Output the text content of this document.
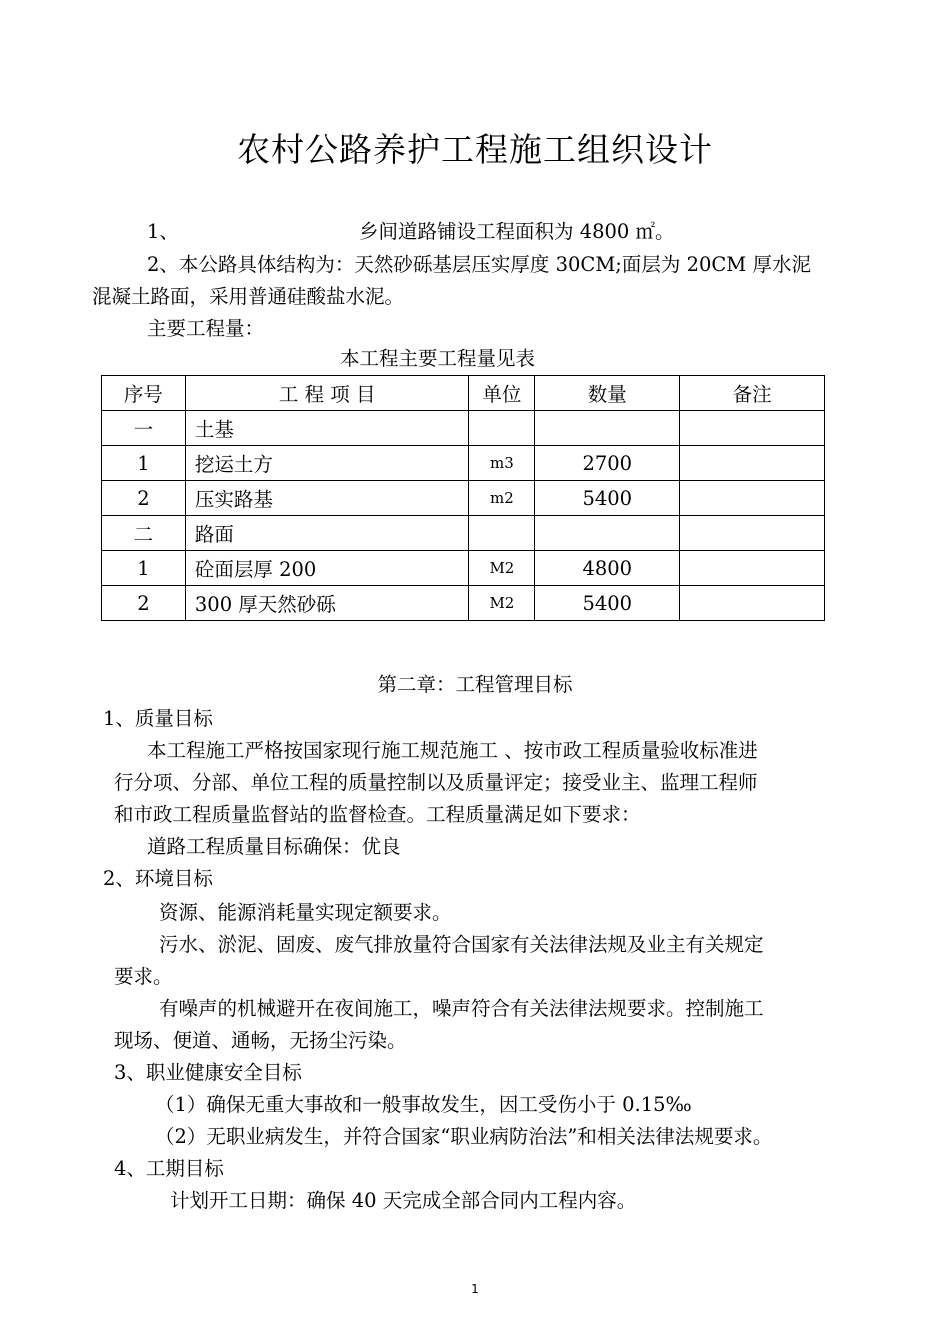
农村公路养护工程施工组织设计
1、	乡间道路铺设工程面积为 4800 ㎡。
2、本公路具体结构为：天然砂砾基层压实厚度 30CM;面层为 20CM 厚水泥
混凝土路面，采用普通硅酸盐水泥。
主要工程量：
本工程主要工程量见表
序号	工 程 项 目	单位	数量	备注
一	土基			
1	挖运土方	m3	2700	
2	压实路基	m2	5400	
二	路面			
1	砼面层厚 200	M2	4800	
2	300 厚天然砂砾	M2	5400	
第二章：工程管理目标
1、质量目标
本工程施工严格按国家现行施工规范施工 、按市政工程质量验收标准进
行分项、分部、单位工程的质量控制以及质量评定；接受业主、监理工程师
和市政工程质量监督站的监督检查。工程质量满足如下要求：
道路工程质量目标确保：优良
2、环境目标
资源、能源消耗量实现定额要求。
污水、淤泥、固废、废气排放量符合国家有关法律法规及业主有关规定
要求。
有噪声的机械避开在夜间施工，噪声符合有关法律法规要求。控制施工
现场、便道、通畅，无扬尘污染。
3、职业健康安全目标
（1）确保无重大事故和一般事故发生，因工受伤小于 0.15‰
（2）无职业病发生，并符合国家“职业病防治法”和相关法律法规要求。
4、工期目标
计划开工日期：确保 40 天完成全部合同内工程内容。
1
